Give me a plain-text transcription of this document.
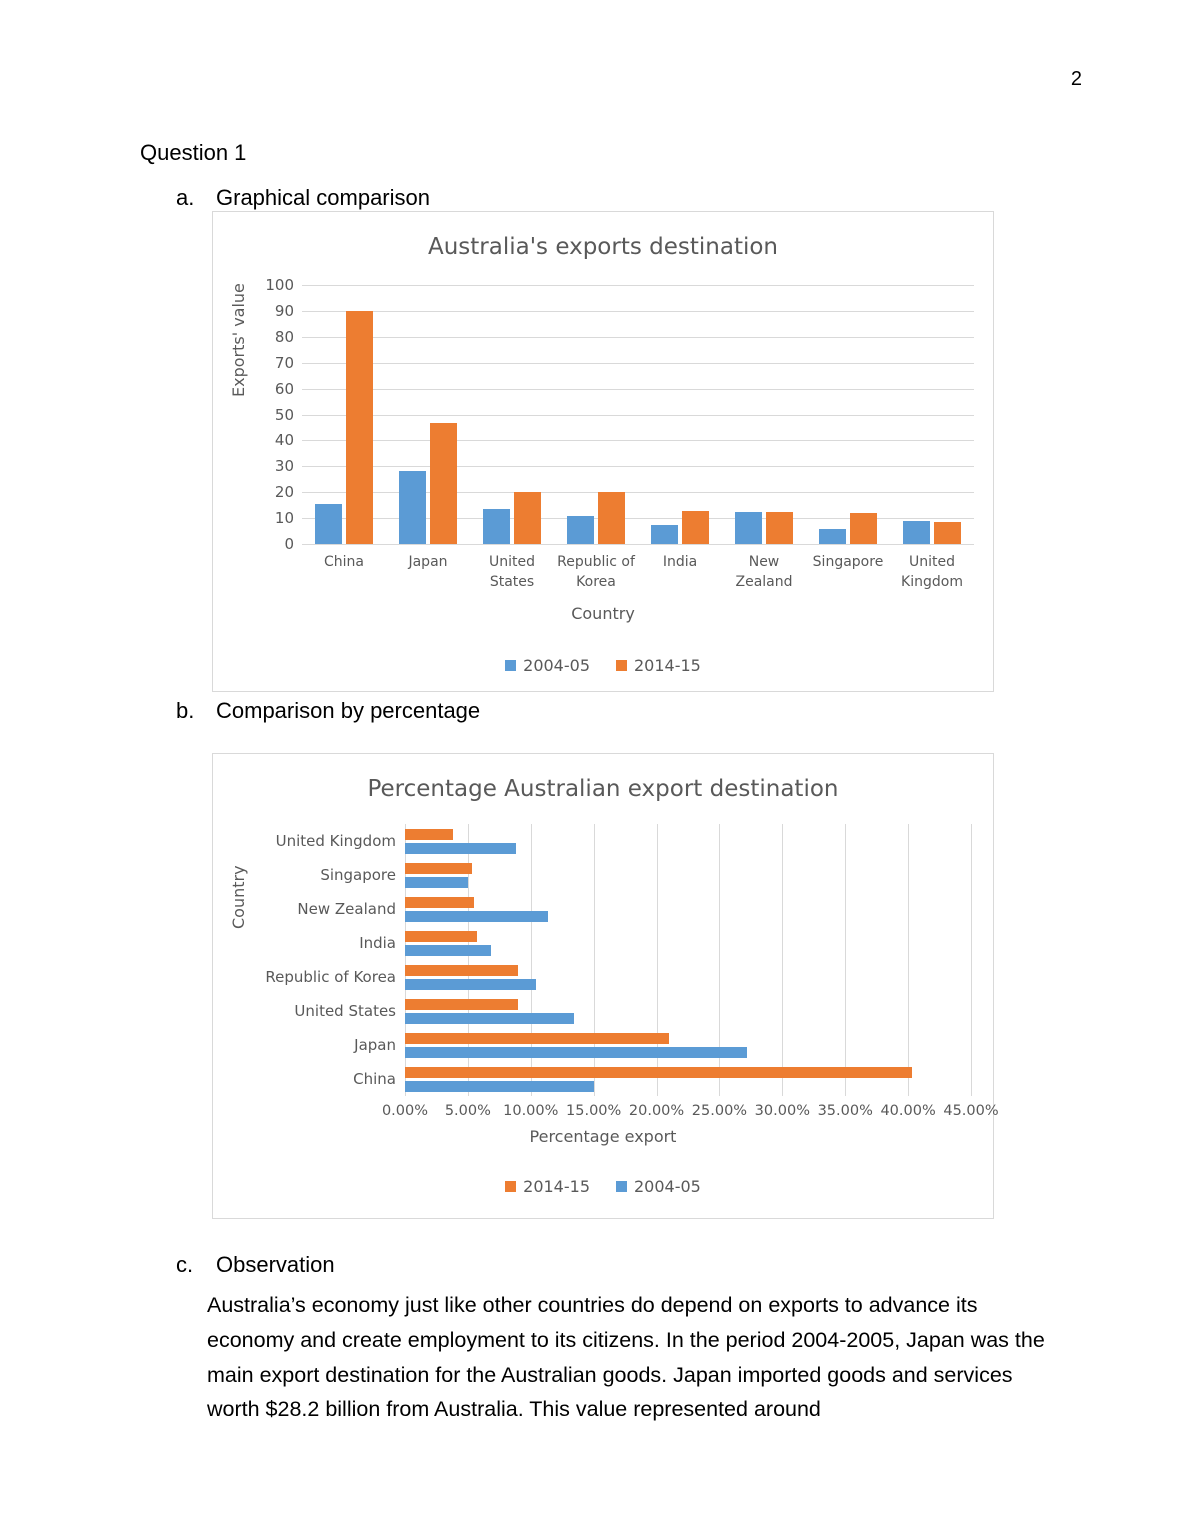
2
Question 1
a. Graphical comparison
Australia's exports destination
Exports' value
0
10
20
30
40
50
60
70
80
90
100
China	Japan	United States
Republic of Korea
India	New Zealand
Singapore	United Kingdom
Country
2004-05	2014-15
b. Comparison by percentage
Percentage Australian export destination
Country
0.00% 5.00% 10.00% 15.00% 20.00% 25.00% 30.00% 35.00% 40.00% 45.00%
United Kingdom
Singapore
New Zealand
India
Republic of Korea
United States
Japan
China
Percentage export
2014-15	2004-05
c. Observation
Australia’s economy just like other countries do depend on exports to advance its economy and create employment to its citizens. In the period 2004-2005, Japan was the main export destination for the Australian goods. Japan imported goods and services worth $28.2 billion from Australia. This value represented around
